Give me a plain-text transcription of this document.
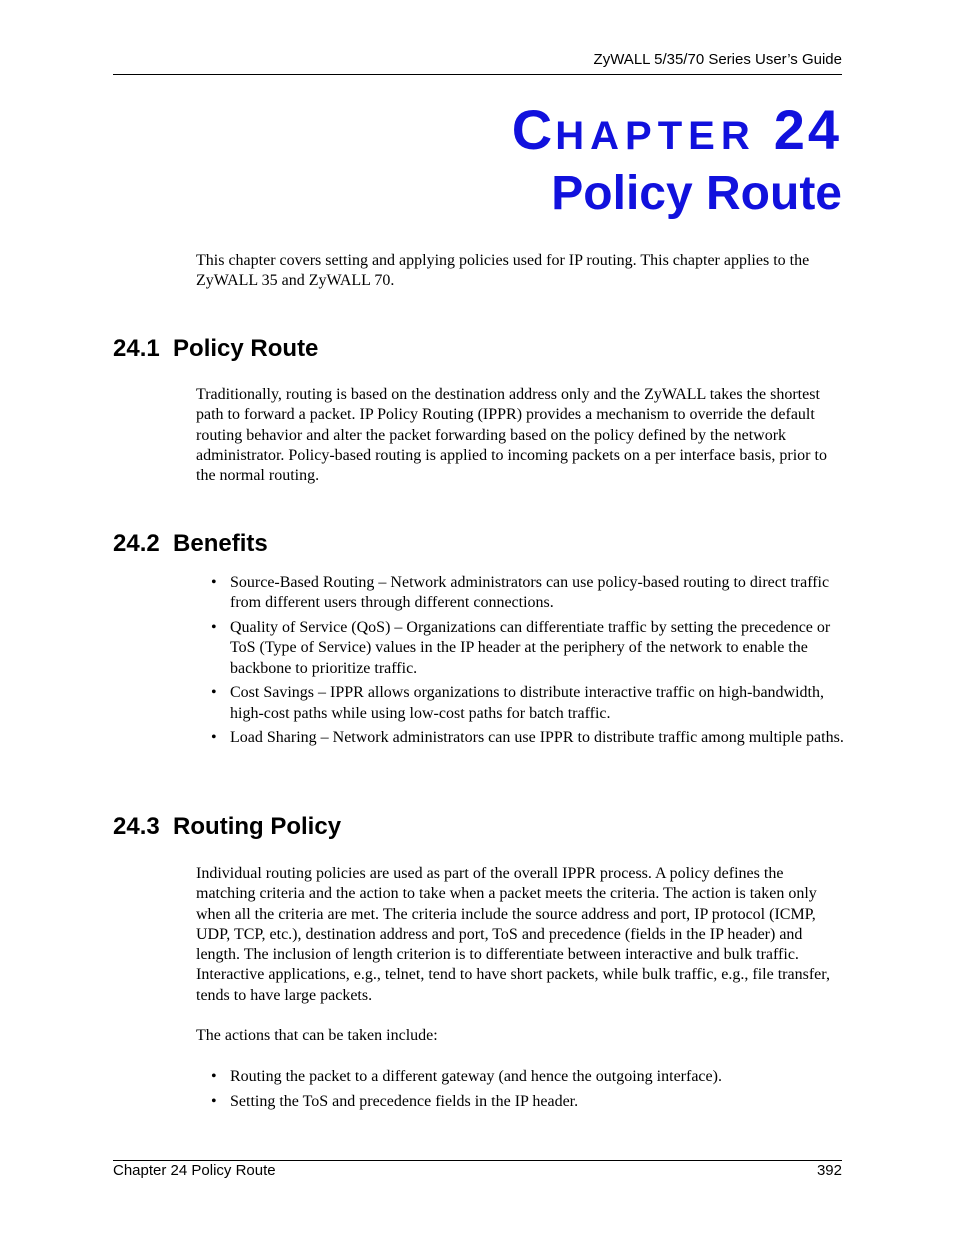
ZyWALL 5/35/70 Series User’s Guide
CHAPTER 24
Policy Route

This chapter covers setting and applying policies used for IP routing. This chapter applies to the ZyWALL 35 and ZyWALL 70.

24.1  Policy Route

Traditionally, routing is based on the destination address only and the ZyWALL takes the shortest path to forward a packet. IP Policy Routing (IPPR) provides a mechanism to override the default routing behavior and alter the packet forwarding based on the policy defined by the network administrator. Policy-based routing is applied to incoming packets on a per interface basis, prior to the normal routing.

24.2  Benefits
• Source-Based Routing – Network administrators can use policy-based routing to direct traffic from different users through different connections.
• Quality of Service (QoS) – Organizations can differentiate traffic by setting the precedence or ToS (Type of Service) values in the IP header at the periphery of the network to enable the backbone to prioritize traffic.
• Cost Savings – IPPR allows organizations to distribute interactive traffic on high-bandwidth, high-cost paths while using low-cost paths for batch traffic.
• Load Sharing – Network administrators can use IPPR to distribute traffic among multiple paths.
24.3  Routing Policy

Individual routing policies are used as part of the overall IPPR process. A policy defines the matching criteria and the action to take when a packet meets the criteria. The action is taken only when all the criteria are met. The criteria include the source address and port, IP protocol (ICMP, UDP, TCP, etc.), destination address and port, ToS and precedence (fields in the IP header) and length. The inclusion of length criterion is to differentiate between interactive and bulk traffic. Interactive applications, e.g., telnet, tend to have short packets, while bulk traffic, e.g., file transfer, tends to have large packets.

The actions that can be taken include:

• Routing the packet to a different gateway (and hence the outgoing interface).
• Setting the ToS and precedence fields in the IP header.
Chapter 24 Policy Route	392
